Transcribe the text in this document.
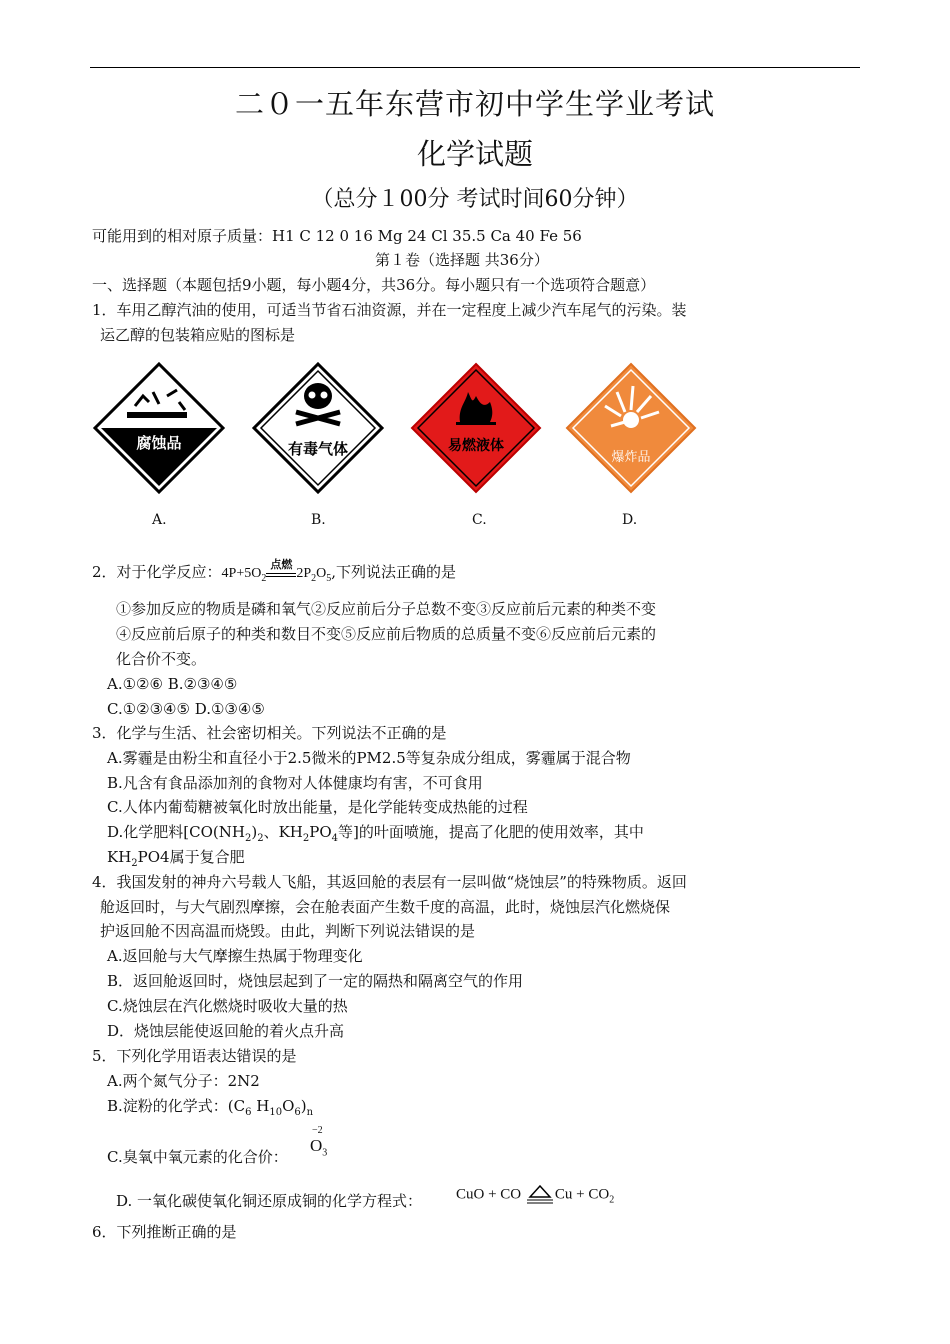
二０一五年东营市初中学生学业考试
化学试题
（总分１00分 考试时间60分钟）
可能用到的相对原子质量：H1 C 12 0 16 Mg 24 Cl 35.5 Ca 40 Fe 56
第１卷（选择题 共36分）
一、选择题（本题包括9小题，每小题4分，共36分。每小题只有一个选项符合题意）
1．车用乙醇汽油的使用，可适当节省石油资源，并在一定程度上减少汽车尾气的污染。装
运乙醇的包装箱应贴的图标是
腐蚀品
A.
有毒气体
B.
易燃液体
C.
爆炸品
D.
2．对于化学反应：$4P+5O_2$
点燃
$2P_2O_5$,下列说法正确的是
①参加反应的物质是磷和氧气②反应前后分子总数不变③反应前后元素的种类不变
④反应前后原子的种类和数目不变⑤反应前后物质的总质量不变⑥反应前后元素的
化合价不变。
A.①②⑥ B.②③④⑤
C.①②③④⑤ D.①③④⑤
3．化学与生活、社会密切相关。下列说法不正确的是
A.雾霾是由粉尘和直径小于2.5微米的PM2.5等复杂成分组成，雾霾属于混合物
B.凡含有食品添加剂的食物对人体健康均有害，不可食用
C.人体内葡萄糖被氧化时放出能量，是化学能转变成热能的过程
D.化学肥料[$CO(NH_2)_2$、$KH_2PO_4$等]的叶面喷施，提高了化肥的使用效率，其中
$KH_2PO4$属于复合肥
4．我国发射的神舟六号载人飞船，其返回舱的表层有一层叫做“烧蚀层”的特殊物质。返回
舱返回时，与大气剧烈摩擦，会在舱表面产生数千度的高温，此时，烧蚀层汽化燃烧保
护返回舱不因高温而烧毁。由此，判断下列说法错误的是
A.返回舱与大气摩擦生热属于物理变化
B．返回舱返回时，烧蚀层起到了一定的隔热和隔离空气的作用
C.烧蚀层在汽化燃烧时吸收大量的热
D．烧蚀层能使返回舱的着火点升高
5．下列化学用语表达错误的是
A.两个氮气分子：2N2
B.淀粉的化学式：($C_6$ $H_{10}O_6)_n$
C.臭氧中氧元素的化合价：
−2
$O_3$
D. 一氧化碳使氧化铜还原成铜的化学方程式： CuO + CO $Cu + CO_2$
6．下列推断正确的是
